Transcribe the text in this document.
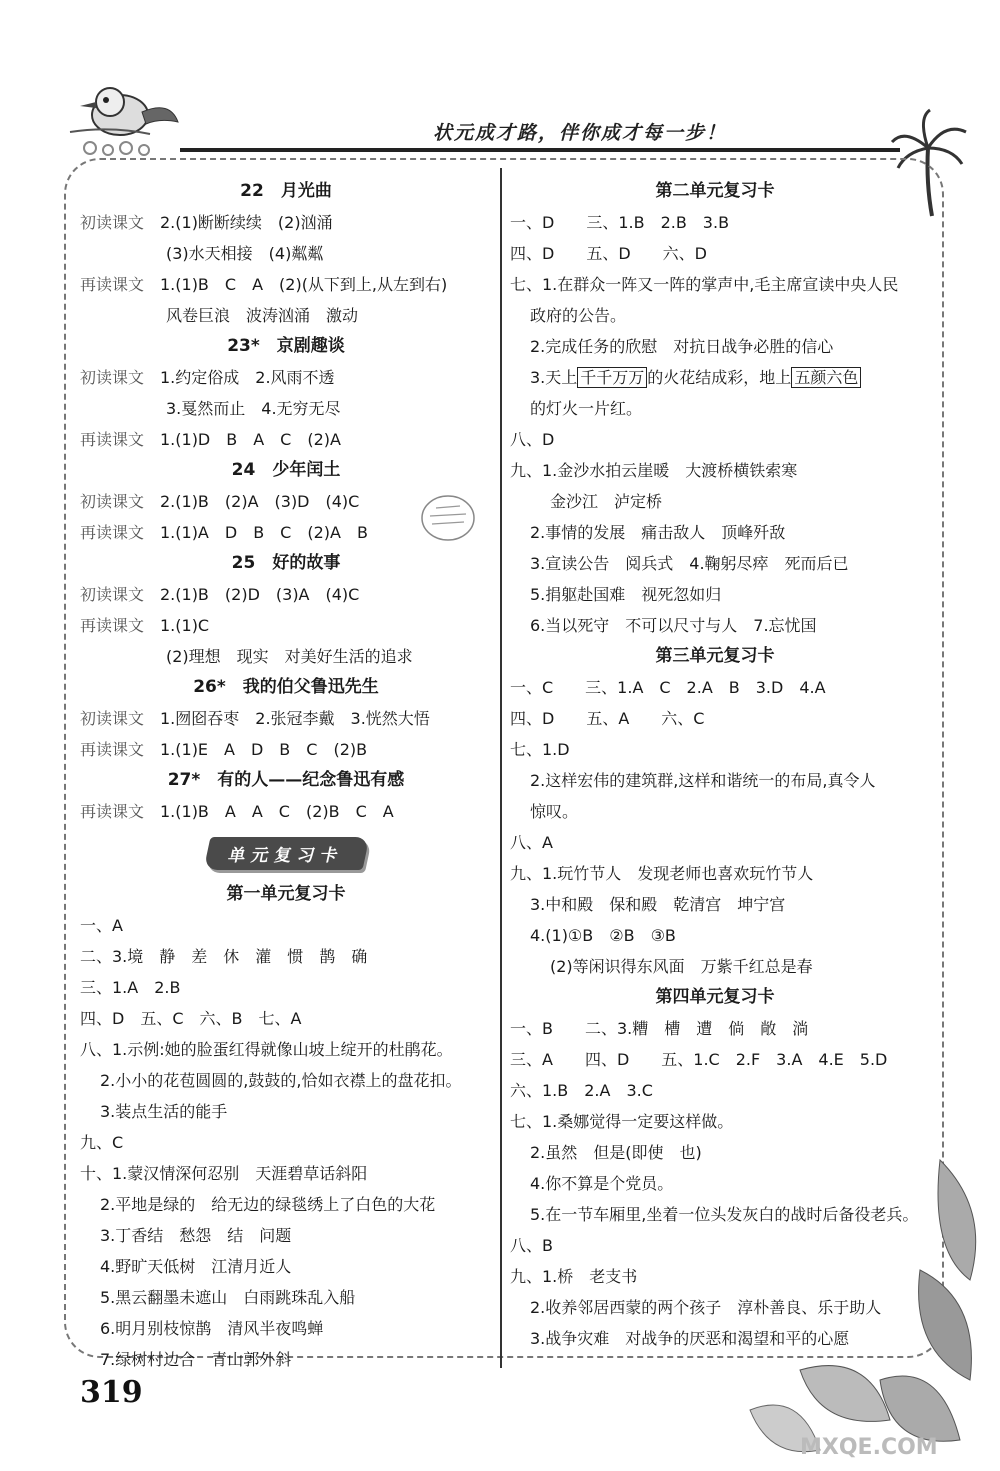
状元成才路，伴你成才每一步！
22　月光曲
初读课文 2.(1)断断续续　(2)汹涌
(3)水天相接　(4)粼粼
再读课文 1.(1)B　C　A　(2)(从下到上,从左到右)
风卷巨浪　波涛汹涌　激动
23*　京剧趣谈
初读课文 1.约定俗成　2.风雨不透
3.戛然而止　4.无穷无尽
再读课文 1.(1)D　B　A　C　(2)A
24　少年闰土
初读课文 2.(1)B　(2)A　(3)D　(4)C
再读课文 1.(1)A　D　B　C　(2)A　B
25　好的故事
初读课文 2.(1)B　(2)D　(3)A　(4)C
再读课文 1.(1)C
(2)理想　现实　对美好生活的追求
26*　我的伯父鲁迅先生
初读课文 1.囫囵吞枣　2.张冠李戴　3.恍然大悟
再读课文 1.(1)E　A　D　B　C　(2)B
27*　有的人——纪念鲁迅有感
再读课文 1.(1)B　A　A　C　(2)B　C　A
单元复习卡
第一单元复习卡
一、A
二、3.境　静　差　休　灌　惯　鹊　确
三、1.A　2.B
四、D　五、C　六、B　七、A
八、1.示例:她的脸蛋红得就像山坡上绽开的杜鹃花。
2.小小的花苞圆圆的,鼓鼓的,恰如衣襟上的盘花扣。
3.装点生活的能手
九、C
十、1.蒙汉情深何忍别　天涯碧草话斜阳
2.平地是绿的　给无边的绿毯绣上了白色的大花
3.丁香结　愁怨　结　问题
4.野旷天低树　江清月近人
5.黑云翻墨未遮山　白雨跳珠乱入船
6.明月别枝惊鹊　清风半夜鸣蝉
7.绿树村边合　青山郭外斜
第二单元复习卡
一、D　　三、1.B　2.B　3.B
四、D　　五、D　　六、D
七、1.在群众一阵又一阵的掌声中,毛主席宣读中央人民
政府的公告。
2.完成任务的欣慰　对抗日战争必胜的信心
3.天上 千千万万 的火花结成彩，地上 五颜六色
的灯火一片红。
八、D
九、1.金沙水拍云崖暖　大渡桥横铁索寒
金沙江　泸定桥
2.事情的发展　痛击敌人　顶峰歼敌
3.宣读公告　阅兵式　4.鞠躬尽瘁　死而后已
5.捐躯赴国难　视死忽如归
6.当以死守　不可以尺寸与人　7.忘忧国
第三单元复习卡
一、C　　三、1.A　C　2.A　B　3.D　4.A
四、D　　五、A　　六、C
七、1.D
2.这样宏伟的建筑群,这样和谐统一的布局,真令人
惊叹。
八、A
九、1.玩竹节人　发现老师也喜欢玩竹节人
3.中和殿　保和殿　乾清宫　坤宁宫
4.(1)①B　②B　③B
(2)等闲识得东风面　万紫千红总是春
第四单元复习卡
一、B　　二、3.糟　槽　遭　倘　敞　淌
三、A　　四、D　　五、1.C　2.F　3.A　4.E　5.D
六、1.B　2.A　3.C
七、1.桑娜觉得一定要这样做。
2.虽然　但是(即使　也)
4.你不算是个党员。
5.在一节车厢里,坐着一位头发灰白的战时后备役老兵。
八、B
九、1.桥　老支书
2.收养邻居西蒙的两个孩子　淳朴善良、乐于助人
3.战争灾难　对战争的厌恶和渴望和平的心愿
319
MXQE.COM
